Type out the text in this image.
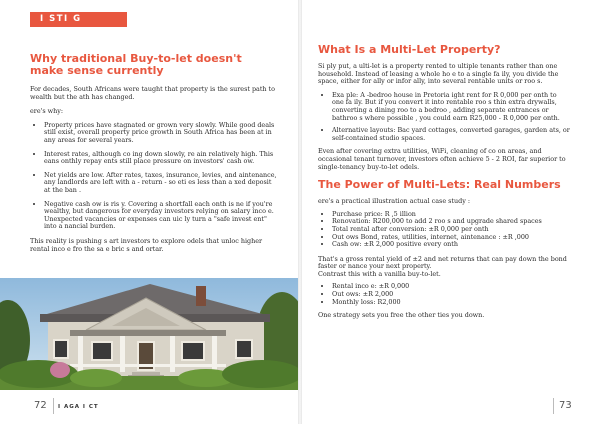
I STI G
Why traditional Buy-to-let doesn't make sense currently

For decades, South Africans were taught that property is the surest path to wealth but the ath has changed.

ere's why:

• Property prices have stagnated or grown very slowly. While good deals still exist, overall property price growth in South Africa has been at in any areas for several years.
• Interest rates, although co ing down slowly, re ain relatively high. This eans onthly repay ents still place pressure on investors' cash ow.
• Net yields are low. After rates, taxes, insurance, levies, and aintenance, any landlords are left with a - return - so eti es less than a xed deposit at the ban .
• Negative cash ow is ris y. Covering a shortfall each onth is ne if you're wealthy, but dangerous for everyday investors relying on salary inco e. Unexpected vacancies or expenses can uic ly turn a "safe invest ent" into a nancial burden.

This reality is pushing s art investors to explore odels that unloc higher rental inco e fro the sa e bric s and ortar.

72 I AGA I CT
What Is a Multi-Let Property?

Si ply put, a ulti-let is a property rented to ultiple tenants rather than one household. Instead of leasing a whole ho e to a single fa ily, you divide the space, either for ally or infor ally, into several rentable units or roo s.

• Exa ple: A -bedroo house in Pretoria ight rent for R 0,000 per onth to one fa ily. But if you convert it into rentable roo s thin extra drywalls, converting a dining roo to a bedroo , adding separate entrances or bathroo s where possible , you could earn R25,000 - R 0,000 per onth.
• Alternative layouts: Bac yard cottages, converted garages, garden ats, or self-contained studio spaces.

Even after covering extra utilities, WiFi, cleaning of co on areas, and occasional tenant turnover, investors often achieve 5 - 2 ROI, far superior to single-tenancy buy-to-let odels.

The Power of Multi-Lets: Real Numbers

ere's a practical illustration actual case study :

• Purchase price: R ,5 illion
• Renovation: R200,000 to add 2 roo s and upgrade shared spaces
• Total rental after conversion: ±R 0,000 per onth
• Out ows Bond, rates, utilities, internet, aintenance : ±R ,000
• Cash ow: ±R 2,000 positive every onth

That's a gross rental yield of ±2 and net returns that can pay down the bond faster or nance your next property.

Contrast this with a vanilla buy-to-let.

• Rental inco e: ±R 0,000
• Out ows: ±R 2,000
• Monthly loss: R2,000

One strategy sets you free the other ties you down.

73
